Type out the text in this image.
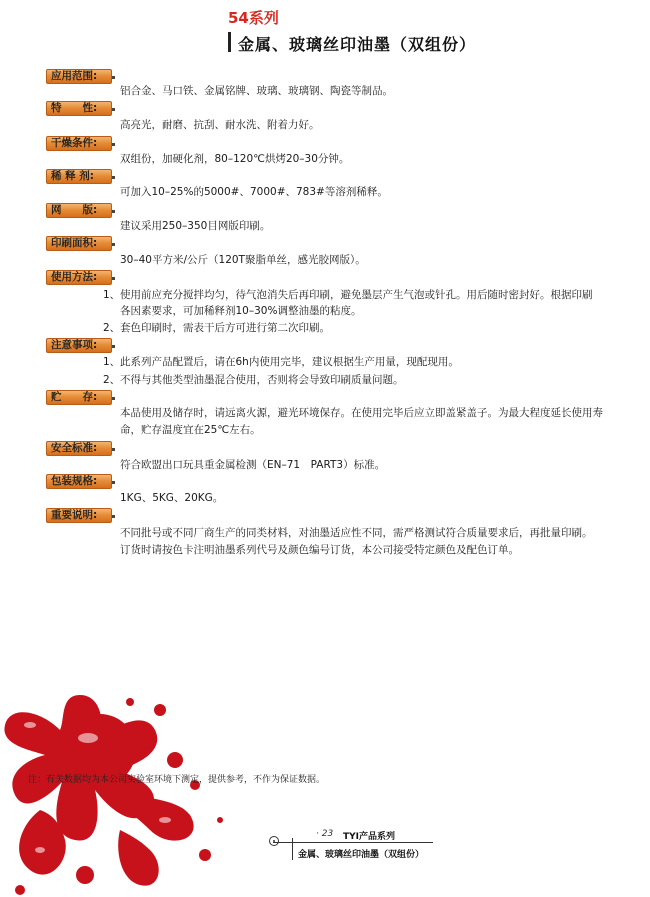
54系列
金属、玻璃丝印油墨（双组份）
应用范围:
铝合金、马口铁、金属铭牌、玻璃、玻璃钢、陶瓷等制品。
特　　性:
高亮光，耐磨、抗刮、耐水洗、附着力好。
干燥条件:
双组份，加硬化剂，80–120℃烘烤20–30分钟。
稀 释 剂:
可加入10–25%的5000#、7000#、783#等溶剂稀释。
网　　版:
建议采用250–350目网版印刷。
印刷面积:
30–40平方米/公斤（120T聚脂单丝，感光胶网版）。
使用方法:
1、 使用前应充分搅拌均匀，待气泡消失后再印刷，避免墨层产生气泡或针孔。用后随时密封好。根据印刷
各因素要求，可加稀释剂10–30%调整油墨的粘度。
2、 套色印刷时，需表干后方可进行第二次印刷。
注意事项:
1、 此系列产品配置后，请在6h内使用完毕，建议根据生产用量，现配现用。
2、 不得与其他类型油墨混合使用，否则将会导致印刷质量问题。
贮　　存:
本品使用及储存时，请远离火源，避光环境保存。在使用完毕后应立即盖紧盖子。为最大程度延长使用寿
命，贮存温度宜在25℃左右。
安全标准:
符合欧盟出口玩具重金属检测（EN–71　PART3）标准。
包装规格:
1KG、5KG、20KG。
重要说明:
不同批号或不同厂商生产的同类材料，对油墨适应性不同，需严格测试符合质量要求后，再批量印刷。
订货时请按色卡注明油墨系列代号及颜色编号订货，本公司接受特定颜色及配色订单。
注：有关数据均为本公司实验室环境下测定，提供参考，不作为保证数据。
· 23 TYI产品系列
金属、玻璃丝印油墨（双组份）
